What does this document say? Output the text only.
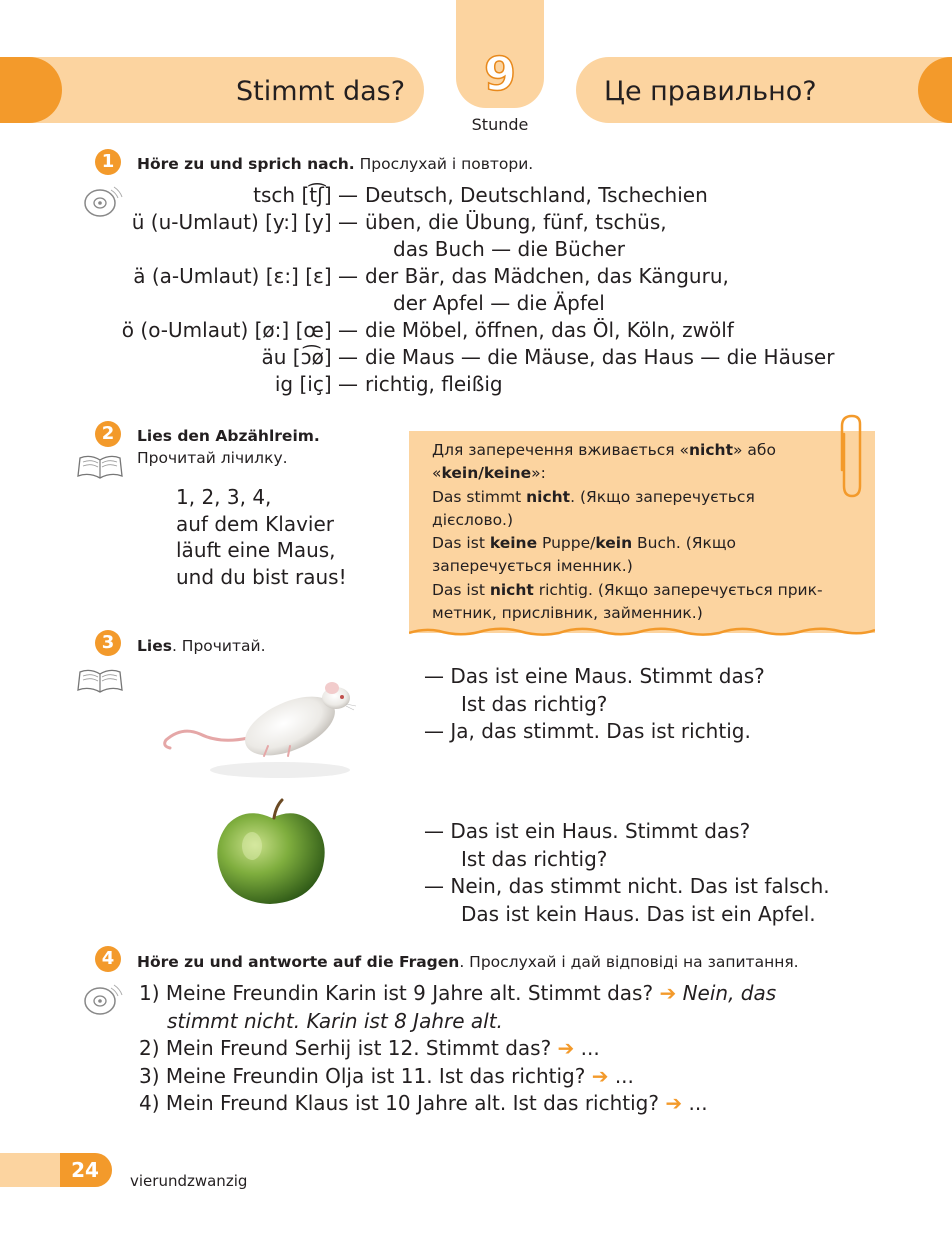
9
Stimmt das?	Це правильно?
Stunde
1	Höre zu und sprich nach. Прослухай і повтори.
tsch [t͡ʃ] — Deutsch, Deutschland, Tschechien
ü (u-Umlaut) [y:] [y] — üben, die Übung, fünf, tschüs,
das Buch — die Bücher
ä (a-Umlaut) [ɛ:] [ɛ] — der Bär, das Mädchen, das Känguru,
der Apfel — die Äpfel
ö (o-Umlaut) [ø:] [œ] — die Möbel, öffnen, das Öl, Köln, zwölf
äu [ɔ͡ø] — die Maus — die Mäuse, das Haus — die Häuser
ig [iç] — richtig, fleißig
2	Lies den Abzählreim.
Прочитай лічилку.
1, 2, 3, 4,
auf dem Klavier
läuft eine Maus,
und du bist raus!
Для заперечення вживається «nicht» або
«kein/keine»:
Das stimmt nicht. (Якщо заперечується
дієслово.)
Das ist keine Puppe/kein Buch. (Якщо
заперечується іменник.)
Das ist nicht richtig. (Якщо заперечується прик-
метник, прислівник, займенник.)
3	Lies. Прочитай.
— Das ist eine Maus. Stimmt das?
Ist das richtig?
— Ja, das stimmt. Das ist richtig.
— Das ist ein Haus. Stimmt das?
Ist das richtig?
— Nein, das stimmt nicht. Das ist falsch.
Das ist kein Haus. Das ist ein Apfel.
4	Höre zu und antworte auf die Fragen. Прослухай і дай відповіді на запитання.
1) Meine Freundin Karin ist 9 Jahre alt. Stimmt das? ➔ Nein, das
stimmt nicht. Karin ist 8 Jahre alt.
2) Mein Freund Serhij ist 12. Stimmt das? ➔ ...
3) Meine Freundin Olja ist 11. Ist das richtig? ➔ ...
4) Mein Freund Klaus ist 10 Jahre alt. Ist das richtig? ➔ ...
24	vierundzwanzig
